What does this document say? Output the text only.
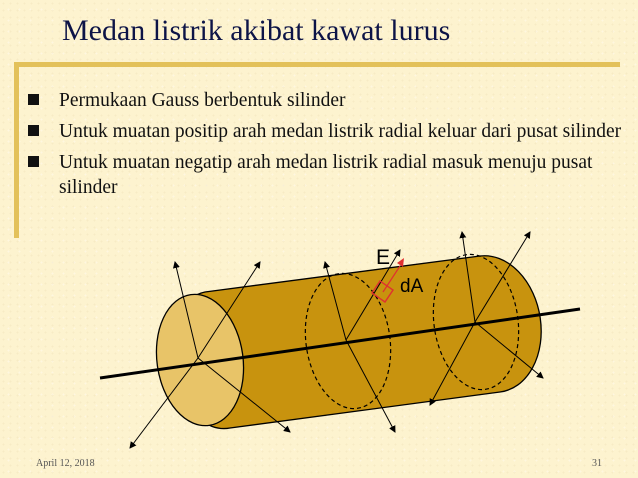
Medan listrik akibat kawat lurus
Permukaan Gauss berbentuk silinder
Untuk muatan positip arah medan listrik radial keluar dari pusat silinder
Untuk muatan negatip arah medan listrik radial masuk menuju pusat silinder
E
dA
April 12, 2018	31
